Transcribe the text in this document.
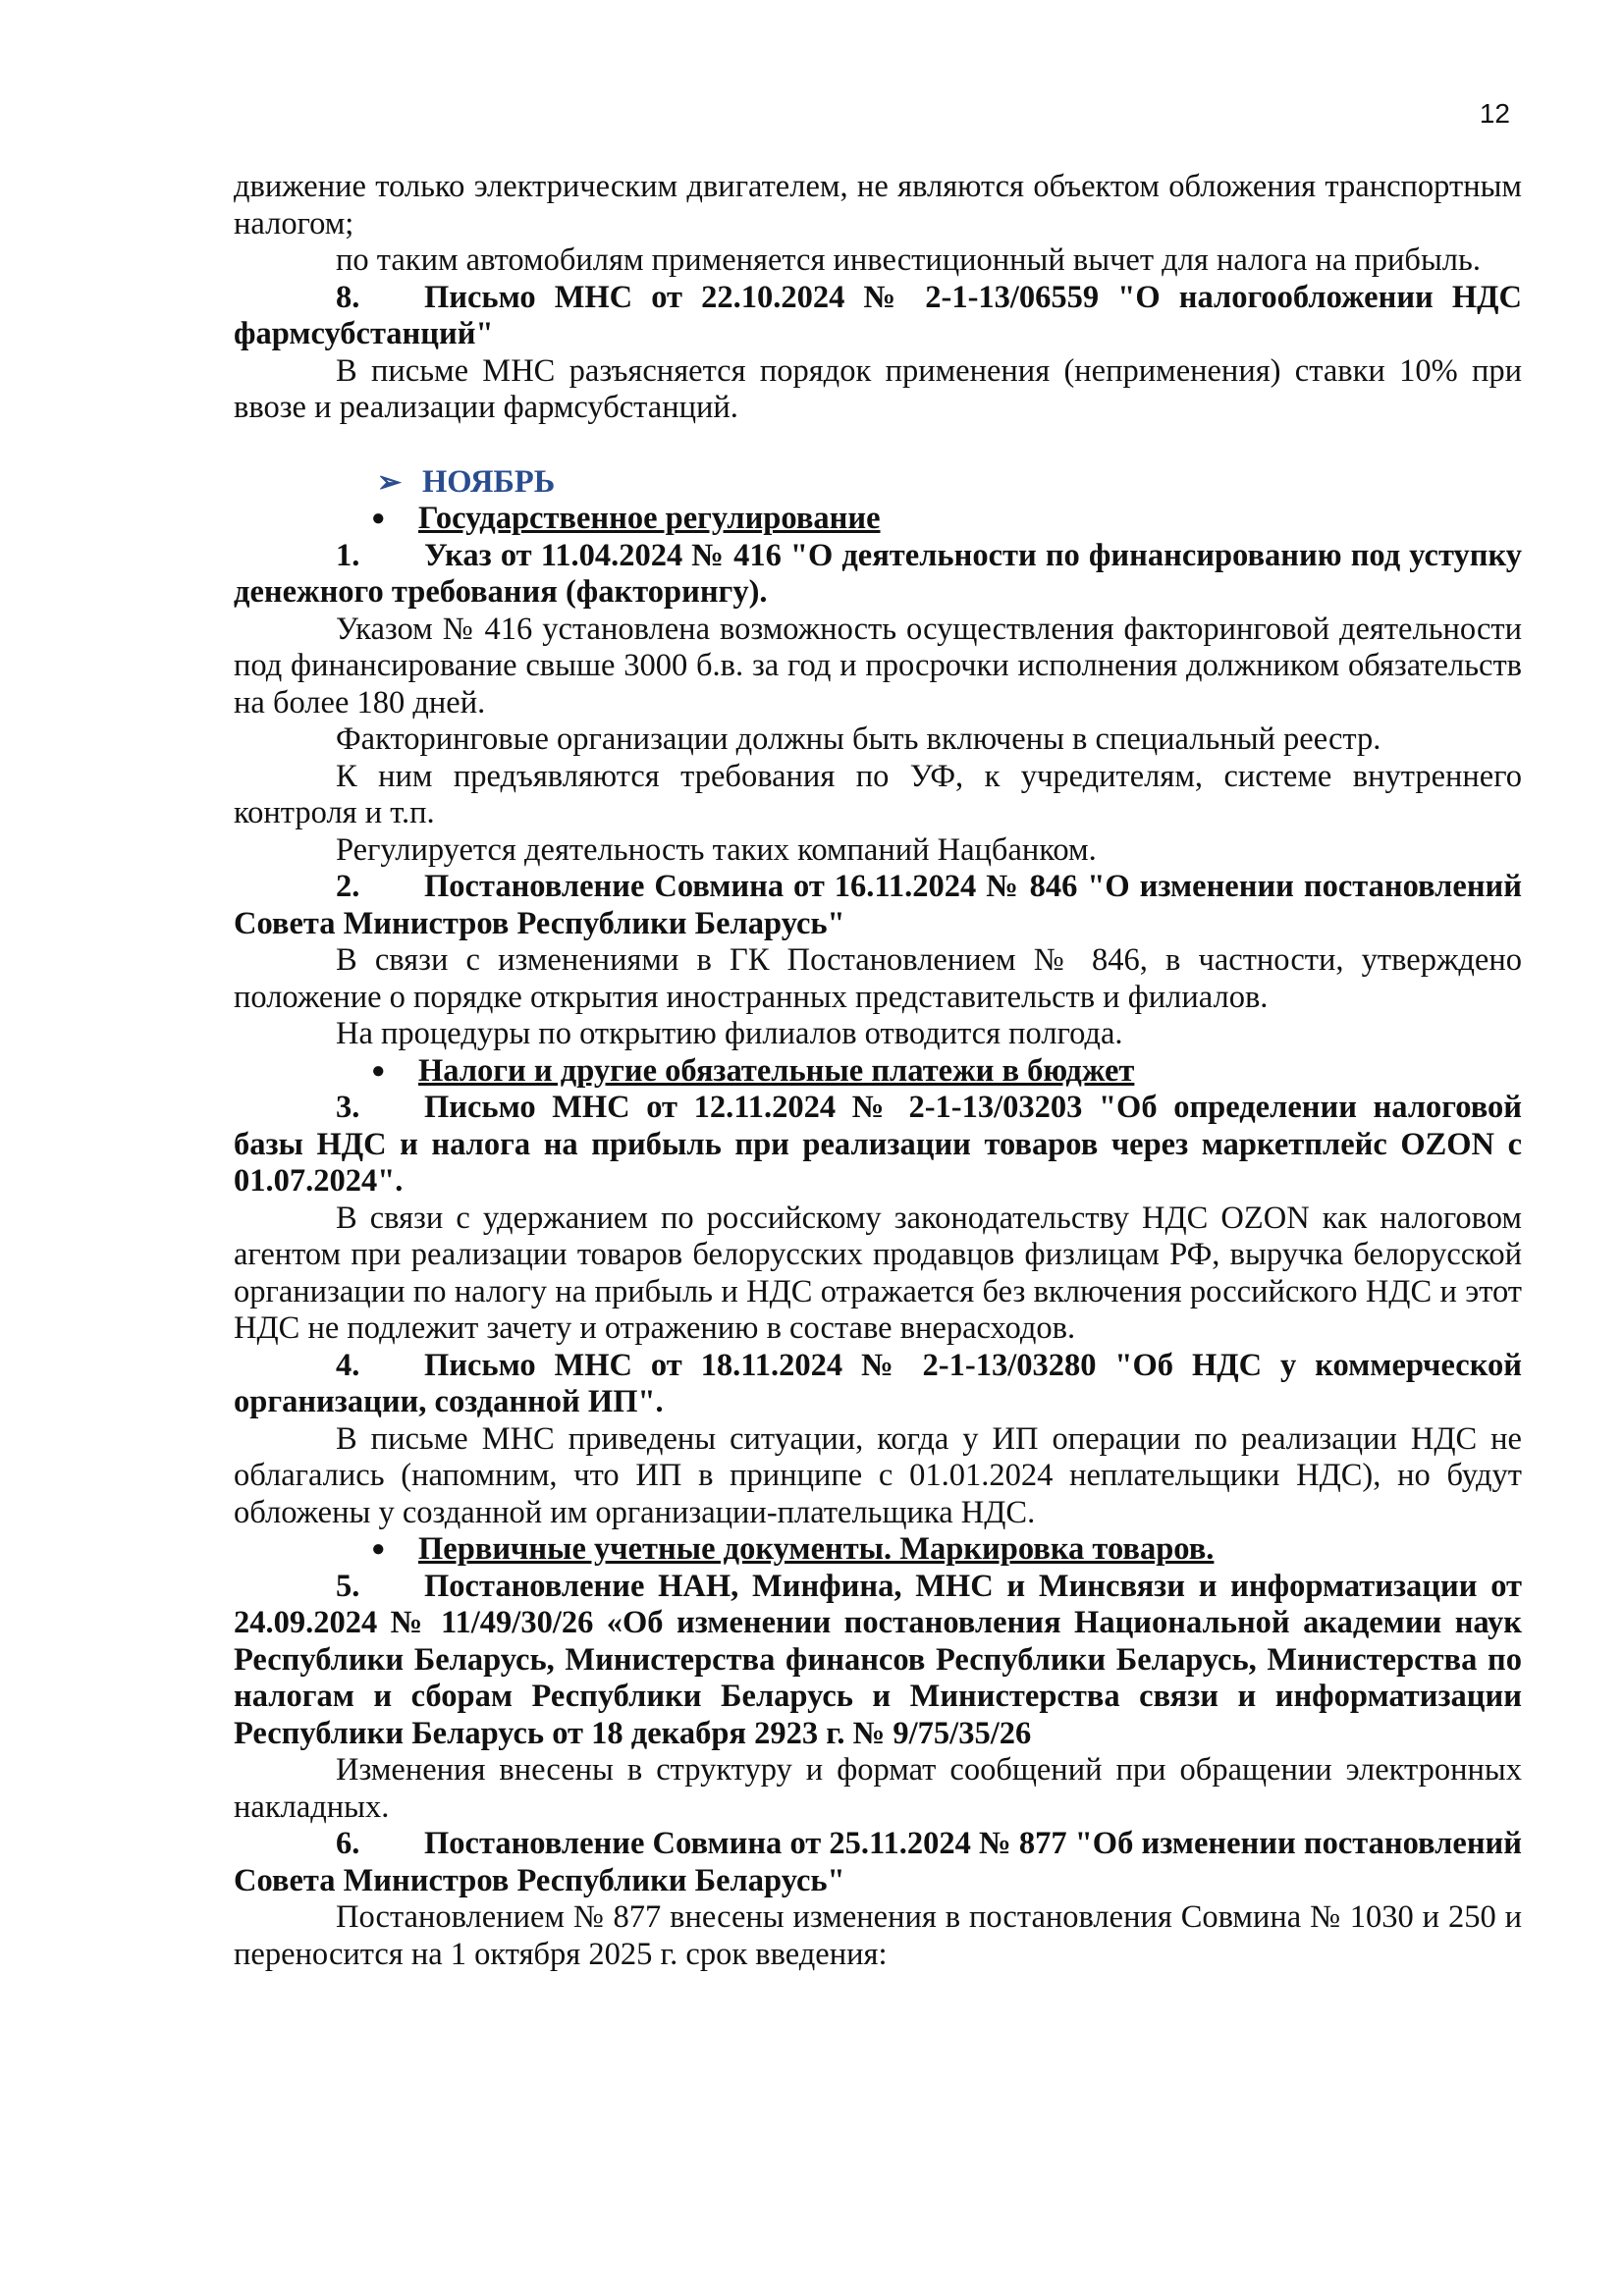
12

движение только электрическим двигателем, не являются объектом обложения транспортным налогом;

по таким автомобилям применяется инвестиционный вычет для налога на прибыль.

8. Письмо МНС от 22.10.2024 № 2-1-13/06559 "О налогообложении НДС фармсубстанций"

В письме МНС разъясняется порядок применения (неприменения) ставки 10% при ввозе и реализации фармсубстанций.

➢ НОЯБРЬ

● Государственное регулирование

1. Указ от 11.04.2024 № 416 "О деятельности по финансированию под уступку денежного требования (факторингу).

Указом № 416 установлена возможность осуществления факторинговой деятельности под финансирование свыше 3000 б.в. за год и просрочки исполнения должником обязательств на более 180 дней.

Факторинговые организации должны быть включены в специальный реестр.

К ним предъявляются требования по УФ, к учредителям, системе внутреннего контроля и т.п.

Регулируется деятельность таких компаний Нацбанком.

2. Постановление Совмина от 16.11.2024 № 846 "О изменении постановлений Совета Министров Республики Беларусь"

В связи с изменениями в ГК Постановлением № 846, в частности, утверждено положение о порядке открытия иностранных представительств и филиалов.

На процедуры по открытию филиалов отводится полгода.

● Налоги и другие обязательные платежи в бюджет

3. Письмо МНС от 12.11.2024 № 2-1-13/03203 "Об определении налоговой базы НДС и налога на прибыль при реализации товаров через маркетплейс OZON с 01.07.2024".

В связи с удержанием по российскому законодательству НДС OZON как налоговом агентом при реализации товаров белорусских продавцов физлицам РФ, выручка белорусской организации по налогу на прибыль и НДС отражается без включения российского НДС и этот НДС не подлежит зачету и отражению в составе внерасходов.

4. Письмо МНС от 18.11.2024 № 2-1-13/03280 "Об НДС у коммерческой организации, созданной ИП".

В письме МНС приведены ситуации, когда у ИП операции по реализации НДС не облагались (напомним, что ИП в принципе с 01.01.2024 неплательщики НДС), но будут обложены у созданной им организации-плательщика НДС.

● Первичные учетные документы. Маркировка товаров.

5. Постановление НАН, Минфина, МНС и Минсвязи и информатизации от 24.09.2024 № 11/49/30/26 «Об изменении постановления Национальной академии наук Республики Беларусь, Министерства финансов Республики Беларусь, Министерства по налогам и сборам Республики Беларусь и Министерства связи и информатизации Республики Беларусь от 18 декабря 2923 г. № 9/75/35/26

Изменения внесены в структуру и формат сообщений при обращении электронных накладных.

6. Постановление Совмина от 25.11.2024 № 877 "Об изменении постановлений Совета Министров Республики Беларусь"

Постановлением № 877 внесены изменения в постановления Совмина № 1030 и 250 и переносится на 1 октября 2025 г. срок введения:
